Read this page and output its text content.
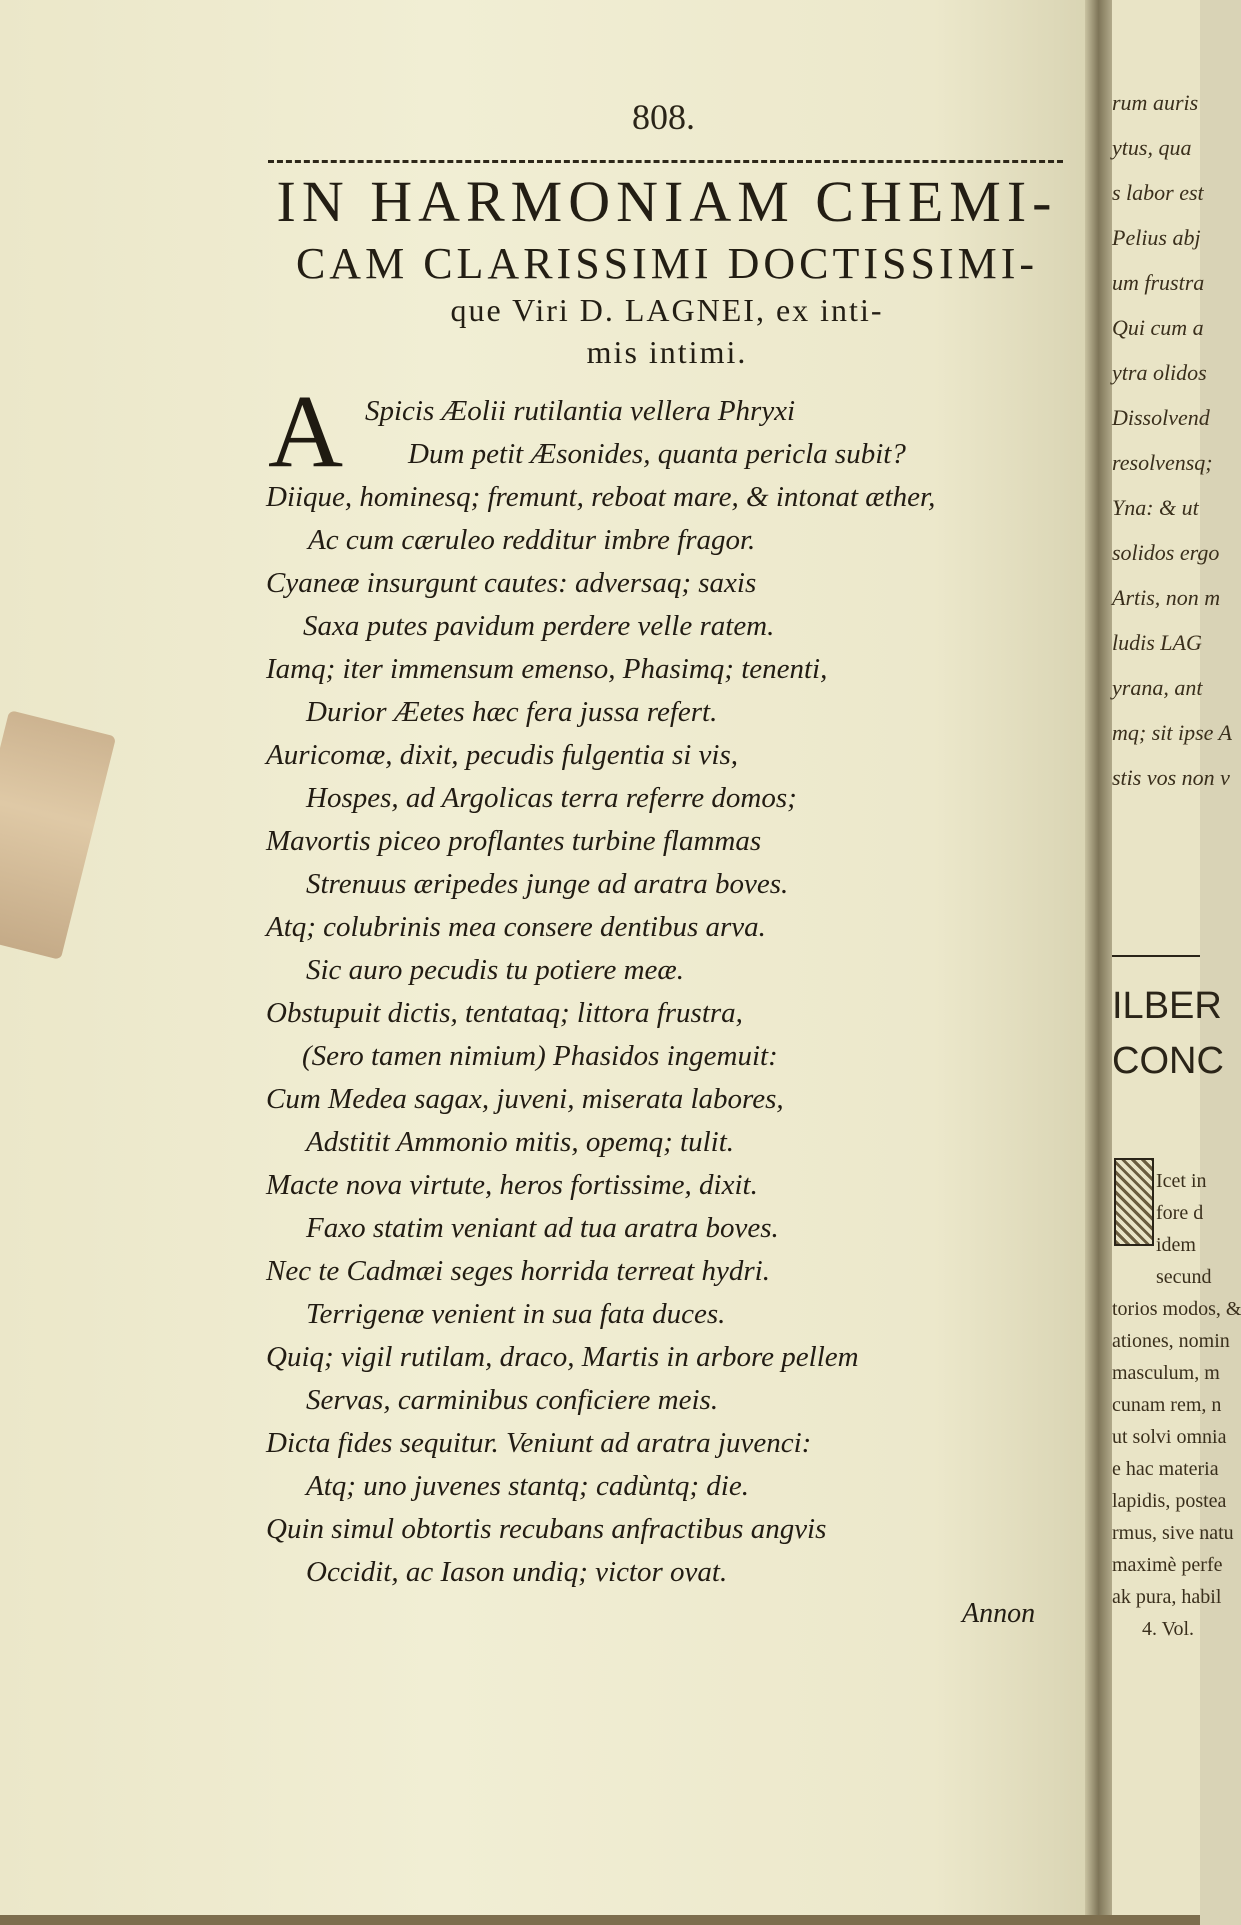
808.
IN HARMONIAM CHEMI-
CAM CLARISSIMI DOCTISSIMI-
que Viri D. LAGNEI, ex inti-
mis intimi.
A Spicis Æolii rutilantia vellera Phryxi

Dum petit Æsonides, quanta pericla subit?

Diique, hominesq; fremunt, reboat mare, & intonat æther,

Ac cum cæruleo redditur imbre fragor.

Cyaneæ insurgunt cautes: adversaq; saxis

Saxa putes pavidum perdere velle ratem.

Iamq; iter immensum emenso, Phasimq; tenenti,

Durior Æetes hæc fera jussa refert.

Auricomæ, dixit, pecudis fulgentia si vis,

Hospes, ad Argolicas terra referre domos;

Mavortis piceo proflantes turbine flammas

Strenuus æripedes junge ad aratra boves.

Atq; colubrinis mea consere dentibus arva.

Sic auro pecudis tu potiere meæ.

Obstupuit dictis, tentataq; littora frustra,

(Sero tamen nimium) Phasidos ingemuit:

Cum Medea sagax, juveni, miserata labores,

Adstitit Ammonio mitis, opemq; tulit.

Macte nova virtute, heros fortissime, dixit.

Faxo statim veniant ad tua aratra boves.

Nec te Cadmæi seges horrida terreat hydri.

Terrigenæ venient in sua fata duces.

Quiq; vigil rutilam, draco, Martis in arbore pellem

Servas, carminibus conficiere meis.

Dicta fides sequitur. Veniunt ad aratra juvenci:

Atq; uno juvenes stantq; cadùntq; die.

Quin simul obtortis recubans anfractibus angvis

Occidit, ac Iason undiq; victor ovat.

Annon
rum auris
ytus, qua
s labor est
Pelius abj
um frustra
Qui cum a
ytra olidos
Dissolvend
resolvensq;
Yna: & ut
solidos ergo
Artis, non m
ludis LAG
yrana, ant
mq; sit ipse A
stis vos non v
ILBER
CONC
Icet in
fore d
idem
secund
torios modos, &
ationes, nomin
masculum, m
cunam rem, n
ut solvi omnia
e hac materia
lapidis, postea
rmus, sive natu
maximè perfe
ak pura, habil
4. Vol.
